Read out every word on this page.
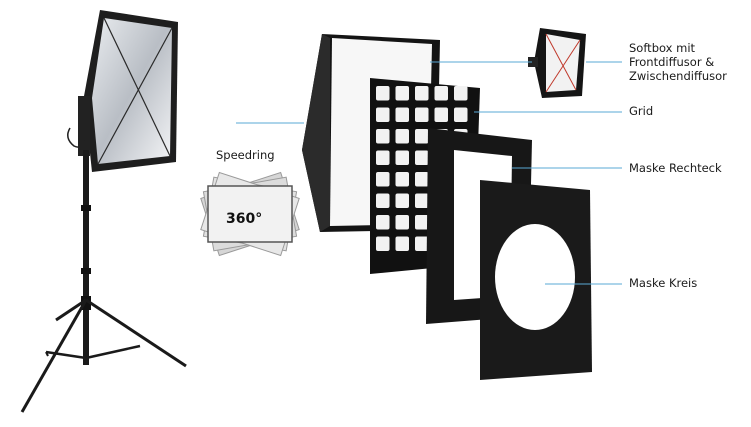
360°
Softbox mit Frontdiffusor & Zwischendiffusor
Grid
Speedring
Maske Rechteck
Maske Kreis
